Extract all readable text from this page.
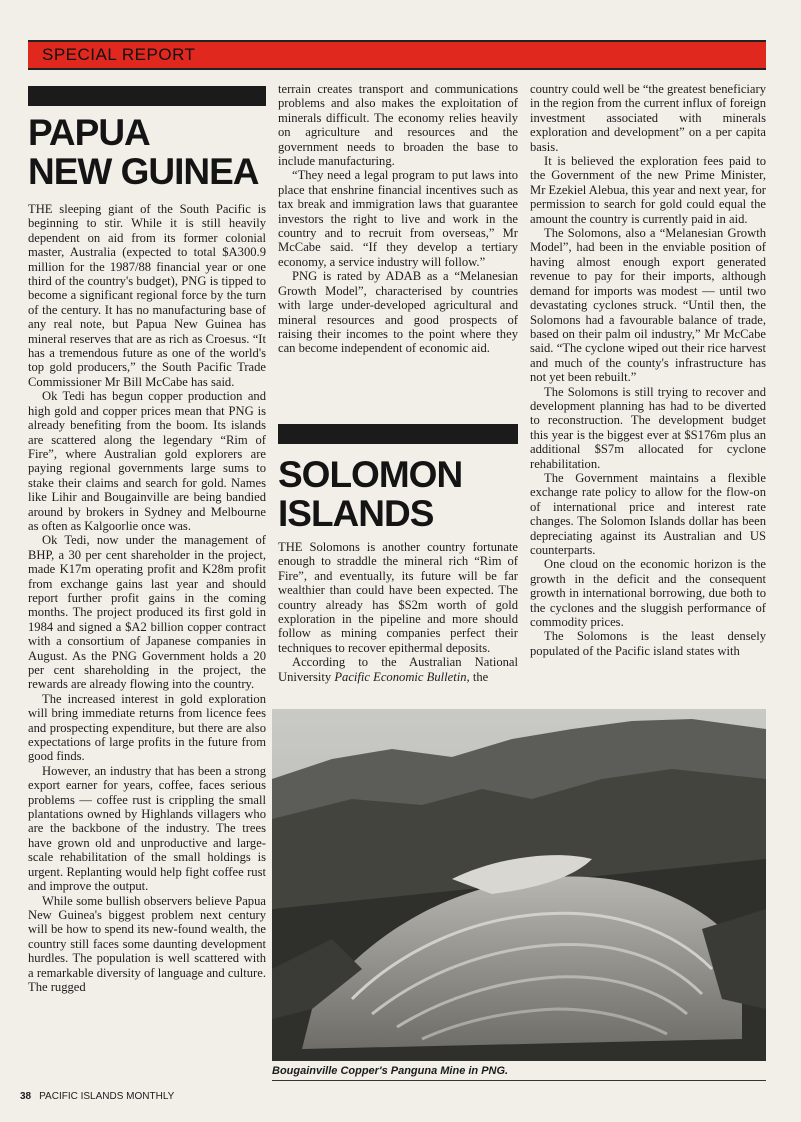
SPECIAL REPORT
PAPUA
NEW GUINEA

THE sleeping giant of the South Pacific is beginning to stir. While it is still heavily dependent on aid from its former colonial master, Australia (expected to total $A300.9 million for the 1987/88 financial year or one third of the country's budget), PNG is tipped to become a significant regional force by the turn of the century. It has no manufacturing base of any real note, but Papua New Guinea has mineral reserves that are as rich as Croesus. “It has a tremendous future as one of the world's top gold producers,” the South Pacific Trade Commissioner Mr Bill McCabe has said.

Ok Tedi has begun copper production and high gold and copper prices mean that PNG is already benefiting from the boom. Its islands are scattered along the legendary “Rim of Fire”, where Australian gold explorers are paying regional governments large sums to stake their claims and search for gold. Names like Lihir and Bougainville are being bandied around by brokers in Sydney and Melbourne as often as Kalgoorlie once was.

Ok Tedi, now under the management of BHP, a 30 per cent shareholder in the project, made K17m operating profit and K28m profit from exchange gains last year and should report further profit gains in the coming months. The project produced its first gold in 1984 and signed a $A2 billion copper contract with a consortium of Japanese companies in August. As the PNG Government holds a 20 per cent shareholding in the project, the rewards are already flowing into the country.

The increased interest in gold exploration will bring immediate returns from licence fees and prospecting expenditure, but there are also expectations of large profits in the future from good finds.

However, an industry that has been a strong export earner for years, coffee, faces serious problems — coffee rust is crippling the small plantations owned by Highlands villagers who are the backbone of the industry. The trees have grown old and unproductive and large-scale rehabilitation of the small holdings is urgent. Replanting would help fight coffee rust and improve the output.

While some bullish observers believe Papua New Guinea's biggest problem next century will be how to spend its new-found wealth, the country still faces some daunting development hurdles. The population is well scattered with a remarkable diversity of language and culture. The rugged

terrain creates transport and communications problems and also makes the exploitation of minerals difficult. The economy relies heavily on agriculture and resources and the government needs to broaden the base to include manufacturing.

“They need a legal program to put laws into place that enshrine financial incentives such as tax break and immigration laws that guarantee investors the right to live and work in the country and to recruit from overseas,” Mr McCabe said. “If they develop a tertiary economy, a service industry will follow.”

PNG is rated by ADAB as a “Melanesian Growth Model”, characterised by countries with large under-developed agricultural and mineral resources and good prospects of raising their incomes to the point where they can become independent of economic aid.

SOLOMON
ISLANDS

THE Solomons is another country fortunate enough to straddle the mineral rich “Rim of Fire”, and eventually, its future will be far wealthier than could have been expected. The country already has $S2m worth of gold exploration in the pipeline and more should follow as mining companies perfect their techniques to recover epithermal deposits.

According to the Australian National University Pacific Economic Bulletin, the

country could well be “the greatest beneficiary in the region from the current influx of foreign investment associated with minerals exploration and development” on a per capita basis.

It is believed the exploration fees paid to the Government of the new Prime Minister, Mr Ezekiel Alebua, this year and next year, for permission to search for gold could equal the amount the country is currently paid in aid.

The Solomons, also a “Melanesian Growth Model”, had been in the enviable position of having almost enough export generated revenue to pay for their imports, although demand for imports was modest — until two devastating cyclones struck. “Until then, the Solomons had a favourable balance of trade, based on their palm oil industry,” Mr McCabe said. “The cyclone wiped out their rice harvest and much of the county's infrastructure has not yet been rebuilt.”

The Solomons is still trying to recover and development planning has had to be diverted to reconstruction. The development budget this year is the biggest ever at $S176m plus an additional $S7m allocated for cyclone rehabilitation.

The Government maintains a flexible exchange rate policy to allow for the flow-on of international price and interest rate changes. The Solomon Islands dollar has been depreciating against its Australian and US counterparts.

One cloud on the economic horizon is the growth in the deficit and the consequent growth in international borrowing, due both to the cyclones and the sluggish performance of commodity prices.

The Solomons is the least densely populated of the Pacific island states with

Bougainville Copper's Panguna Mine in PNG.
38 PACIFIC ISLANDS MONTHLY
